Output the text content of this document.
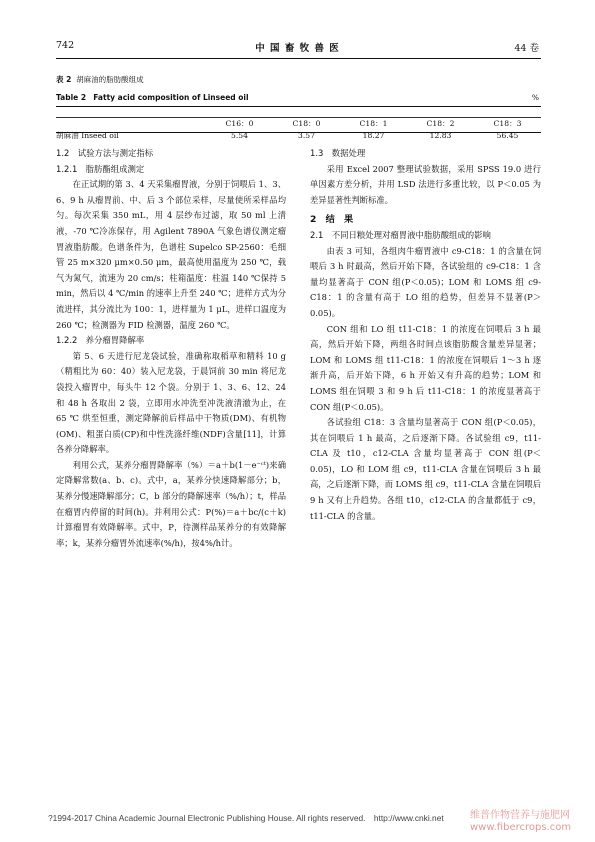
742	中 国 畜 牧 兽 医	44 卷
表 2 胡麻油的脂肪酸组成
Table 2 Fatty acid composition of Linseed oil	%
	C16：0	C18：0	C18：1	C18：2	C18：3
胡麻油 Inseed oil	5.54	3.57	18.27	12.83	56.45

1.2　试验方法与测定指标

1.2.1　脂肪酯组成测定

在正试期的第 3、4 天采集瘤胃液，分别于饲喂后 1、3、6、9 h 从瘤胃前、中、后 3 个部位采样，尽量使所采样品均匀。每次采集 350 mL，用 4 层纱布过滤，取 50 ml 上清液，-70 ℃冷冻保存，用 Agilent 7890A 气象色谱仪测定瘤胃液脂肪酸。色谱条件为，色谱柱 Supelco SP-2560：毛细管 25 m×320 μm×0.50 μm，最高使用温度为 250 ℃，载气为氮气，流速为 20 cm/s；柱箱温度：柱温 140 ℃保持 5 min，然后以 4 ℃/min 的速率上升至 240 ℃；进样方式为分流进样，其分流比为 100：1，进样量为 1 μL，进样口温度为 260 ℃；检测器为 FID 检测器，温度 260 ℃。

1.2.2　养分瘤胃降解率

第 5、6 天进行尼龙袋试验，准确称取稻草和精料 10 g（精粗比为 60：40）装入尼龙袋，于晨饲前 30 min 将尼龙袋投入瘤胃中，每头牛 12 个袋。分别于 1、3、6、12、24 和 48 h 各取出 2 袋，立即用水冲洗至冲洗液清澈为止，在 65 ℃ 烘至恒重，测定降解前后样品中干物质(DM)、有机物(OM)、粗蛋白质(CP)和中性洗涤纤维(NDF)含量[11]，计算各养分降解率。

利用公式，某养分瘤胃降解率（%）＝a＋b(1－e⁻ᶜᵗ)来确定降解常数(a、b、c)。式中，a，某养分快速降解部分；b，某养分慢速降解部分；C，b 部分的降解速率（%/h）；t，样品在瘤胃内停留的时间(h)。并利用公式：P(%)＝a＋bc/(c＋k) 计算瘤胃有效降解率。式中，P，待测样品某养分的有效降解率；k，某养分瘤胃外流速率(%/h)，按4%/h计。

1.3　数据处理

采用 Excel 2007 整理试验数据，采用 SPSS 19.0 进行单因素方差分析，并用 LSD 法进行多重比较，以 P＜0.05 为差异显著性判断标准。

2　结　果

2.1　不同日粮处理对瘤胃液中脂肪酸组成的影响

由表 3 可知，各组肉牛瘤胃液中 c9-C18：1 的含量在饲喂后 3 h 时最高，然后开始下降，各试验组的 c9-C18：1 含量均显著高于 CON 组(P＜0.05)；LOM 和 LOMS 组 c9-C18：1 的含量有高于 LO 组的趋势，但差异不显著(P＞0.05)。

CON 组和 LO 组 t11-C18：1 的浓度在饲喂后 3 h 最高，然后开始下降，两组各时间点该脂肪酸含量差异显著；LOM 和 LOMS 组 t11-C18：1 的浓度在饲喂后 1～3 h 逐渐升高，后开始下降，6 h 开始又有升高的趋势；LOM 和 LOMS 组在饲喂 3 和 9 h 后 t11-C18：1 的浓度显著高于 CON 组(P＜0.05)。

各试验组 C18：3 含量均显著高于 CON 组(P＜0.05)，其在饲喂后 1 h 最高，之后逐渐下降。各试验组 c9，t11-CLA 及 t10，c12-CLA 含量均显著高于 CON 组(P＜0.05)，LO 和 LOM 组 c9，t11-CLA 含量在饲喂后 3 h 最高，之后逐渐下降，而 LOMS 组 c9，t11-CLA 含量在饲喂后 9 h 又有上升趋势。各组 t10，c12-CLA 的含量都低于 c9，t11-CLA 的含量。

?1994-2017 China Academic Journal Electronic Publishing House. All rights reserved.　http://www.cnki.net	维普作物营养与施肥网
www.fibercrops.com
